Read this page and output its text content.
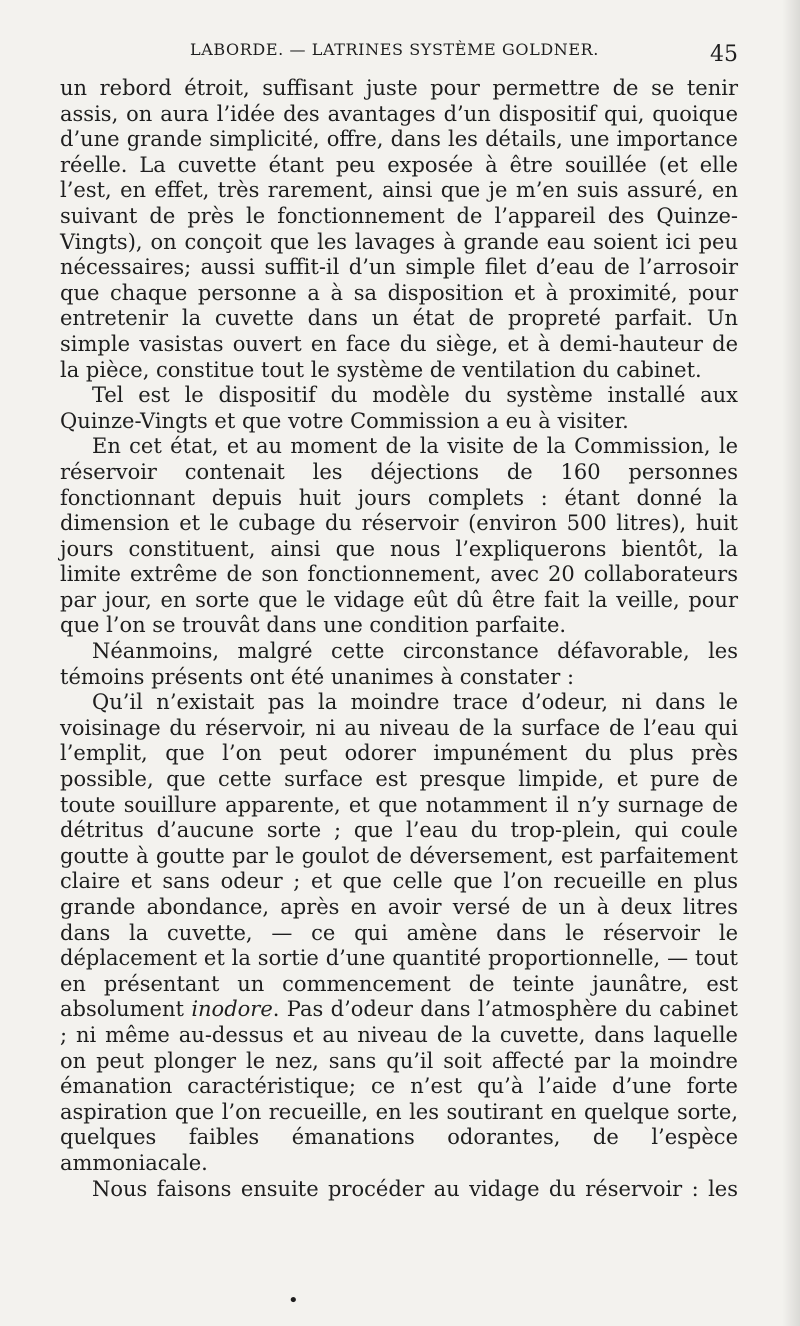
LABORDE. — LATRINES SYSTÈME GOLDNER.	45

un rebord étroit, suffisant juste pour permettre de se tenir assis, on aura l’idée des avantages d’un dispositif qui, quoique d’une grande simplicité, offre, dans les détails, une importance réelle. La cuvette étant peu exposée à être souillée (et elle l’est, en effet, très rarement, ainsi que je m’en suis assuré, en suivant de près le fonctionnement de l’appareil des Quinze-Vingts), on conçoit que les lavages à grande eau soient ici peu nécessaires; aussi suffit-il d’un simple filet d’eau de l’arrosoir que chaque personne a à sa disposition et à proximité, pour entretenir la cuvette dans un état de propreté parfait. Un simple vasistas ouvert en face du siège, et à demi-hauteur de la pièce, constitue tout le système de ventilation du cabinet.

Tel est le dispositif du modèle du système installé aux Quinze-Vingts et que votre Commission a eu à visiter.

En cet état, et au moment de la visite de la Commission, le réservoir contenait les déjections de 160 personnes fonctionnant depuis huit jours complets : étant donné la dimension et le cubage du réservoir (environ 500 litres), huit jours constituent, ainsi que nous l’expliquerons bientôt, la limite extrême de son fonctionnement, avec 20 collaborateurs par jour, en sorte que le vidage eût dû être fait la veille, pour que l’on se trouvât dans une condition parfaite.

Néanmoins, malgré cette circonstance défavorable, les témoins présents ont été unanimes à constater :

Qu’il n’existait pas la moindre trace d’odeur, ni dans le voisinage du réservoir, ni au niveau de la surface de l’eau qui l’emplit, que l’on peut odorer impunément du plus près possible, que cette surface est presque limpide, et pure de toute souillure apparente, et que notamment il n’y surnage de détritus d’aucune sorte ; que l’eau du trop-plein, qui coule goutte à goutte par le goulot de déversement, est parfaitement claire et sans odeur ; et que celle que l’on recueille en plus grande abondance, après en avoir versé de un à deux litres dans la cuvette, — ce qui amène dans le réservoir le déplacement et la sortie d’une quantité proportionnelle, — tout en présentant un commencement de teinte jaunâtre, est absolument inodore. Pas d’odeur dans l’atmosphère du cabinet ; ni même au-dessus et au niveau de la cuvette, dans laquelle on peut plonger le nez, sans qu’il soit affecté par la moindre émanation caractéristique; ce n’est qu’à l’aide d’une forte aspiration que l’on recueille, en les soutirant en quelque sorte, quelques faibles émanations odorantes, de l’espèce ammoniacale.

Nous faisons ensuite procéder au vidage du réservoir : les

•
